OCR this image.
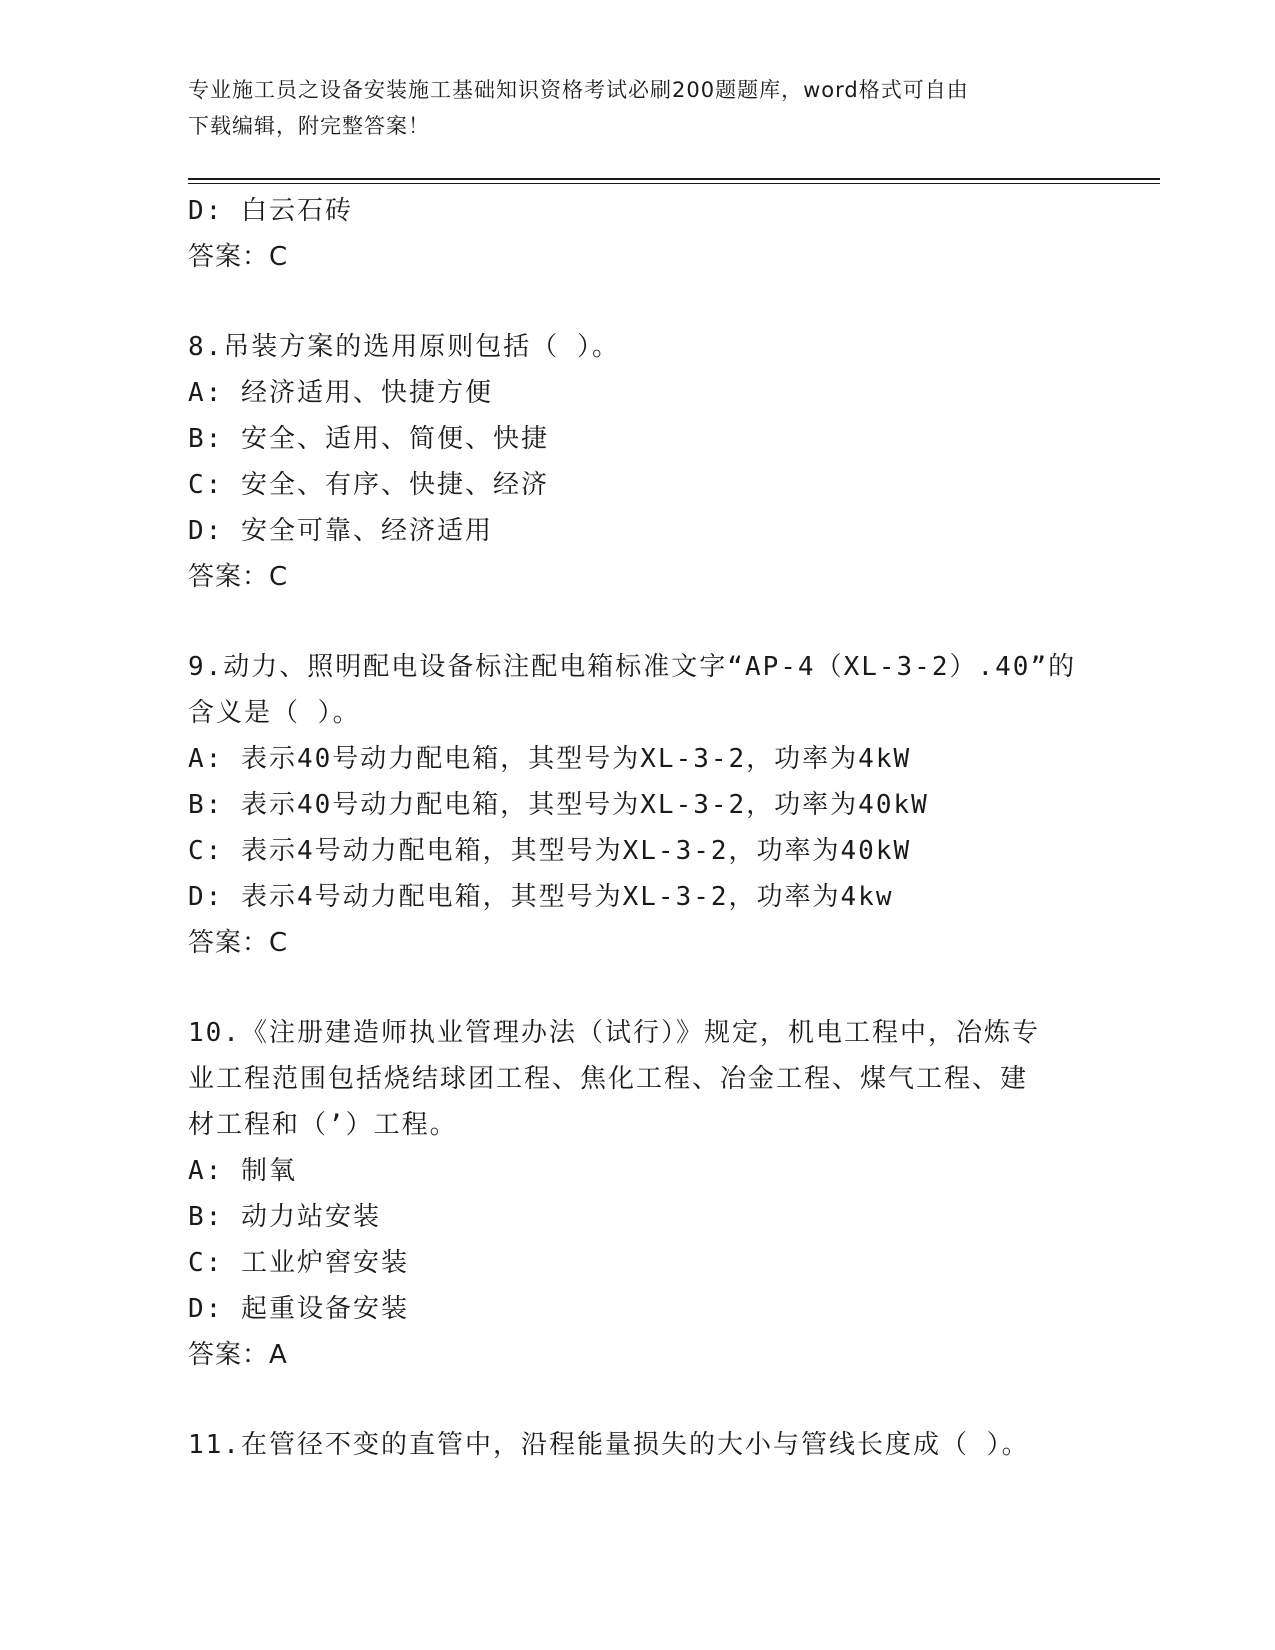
专业施工员之设备安装施工基础知识资格考试必刷200题题库，word格式可自由
下载编辑，附完整答案！
D: 白云石砖
答案：C
8.吊装方案的选用原则包括（ ）。
A: 经济适用、快捷方便
B: 安全、适用、简便、快捷
C: 安全、有序、快捷、经济
D: 安全可靠、经济适用
答案：C
9.动力、照明配电设备标注配电箱标准文字“AP-4（XL-3-2）.40”的
含义是（ ）。
A: 表示40号动力配电箱，其型号为XL-3-2，功率为4kW
B: 表示40号动力配电箱，其型号为XL-3-2，功率为40kW
C: 表示4号动力配电箱，其型号为XL-3-2，功率为40kW
D: 表示4号动力配电箱，其型号为XL-3-2，功率为4kw
答案：C
10.《注册建造师执业管理办法（试行）》规定，机电工程中，冶炼专
业工程范围包括烧结球团工程、焦化工程、冶金工程、煤气工程、建
材工程和（’）工程。
A: 制氧
B: 动力站安装
C: 工业炉窖安装
D: 起重设备安装
答案：A
11.在管径不变的直管中，沿程能量损失的大小与管线长度成（ ）。
